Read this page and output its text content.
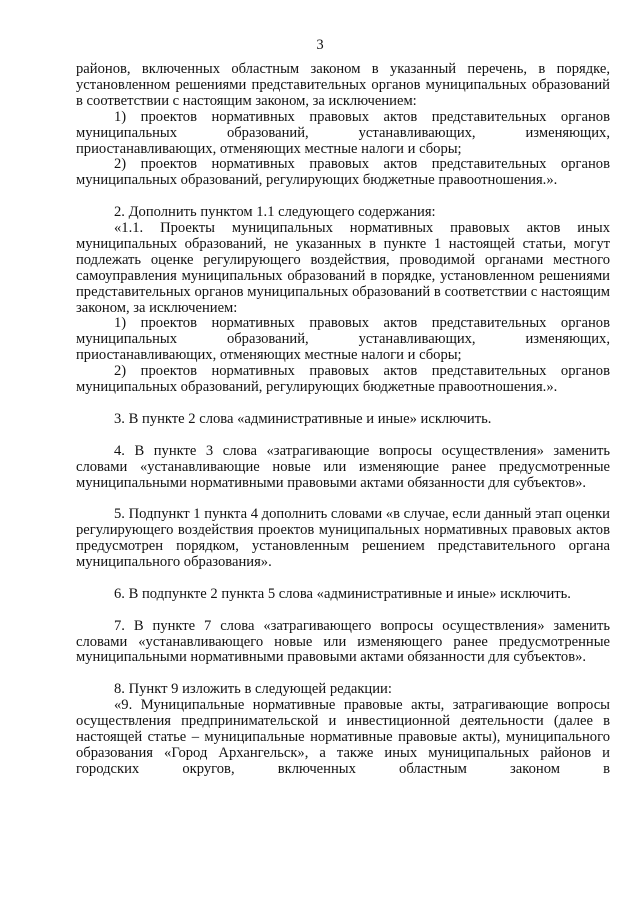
3

районов, включенных областным законом в указанный перечень, в порядке, установленном решениями представительных органов муниципальных образований в соответствии с настоящим законом, за исключением:

1) проектов нормативных правовых актов представительных органов муниципальных образований, устанавливающих, изменяющих, приостанавливающих, отменяющих местные налоги и сборы;

2) проектов нормативных правовых актов представительных органов муниципальных образований, регулирующих бюджетные правоотношения.».

2. Дополнить пунктом 1.1 следующего содержания:

«1.1. Проекты муниципальных нормативных правовых актов иных муниципальных образований, не указанных в пункте 1 настоящей статьи, могут подлежать оценке регулирующего воздействия, проводимой органами местного самоуправления муниципальных образований в порядке, установленном решениями представительных органов муниципальных образований в соответствии с настоящим законом, за исключением:

1) проектов нормативных правовых актов представительных органов муниципальных образований, устанавливающих, изменяющих, приостанавливающих, отменяющих местные налоги и сборы;

2) проектов нормативных правовых актов представительных органов муниципальных образований, регулирующих бюджетные правоотношения.».

3. В пункте 2 слова «административные и иные» исключить.

4. В пункте 3 слова «затрагивающие вопросы осуществления» заменить словами «устанавливающие новые или изменяющие ранее предусмотренные муниципальными нормативными правовыми актами обязанности для субъектов».

5. Подпункт 1 пункта 4 дополнить словами «в случае, если данный этап оценки регулирующего воздействия проектов муниципальных нормативных правовых актов предусмотрен порядком, установленным решением представительного органа муниципального образования».

6. В подпункте 2 пункта 5 слова «административные и иные» исключить.

7. В пункте 7 слова «затрагивающего вопросы осуществления» заменить словами «устанавливающего новые или изменяющего ранее предусмотренные муниципальными нормативными правовыми актами обязанности для субъектов».

8. Пункт 9 изложить в следующей редакции:

«9. Муниципальные нормативные правовые акты, затрагивающие вопросы осуществления предпринимательской и инвестиционной деятельности (далее в настоящей статье – муниципальные нормативные правовые акты), муниципального образования «Город Архангельск», а также иных муниципальных районов и городских округов, включенных областным законом в
